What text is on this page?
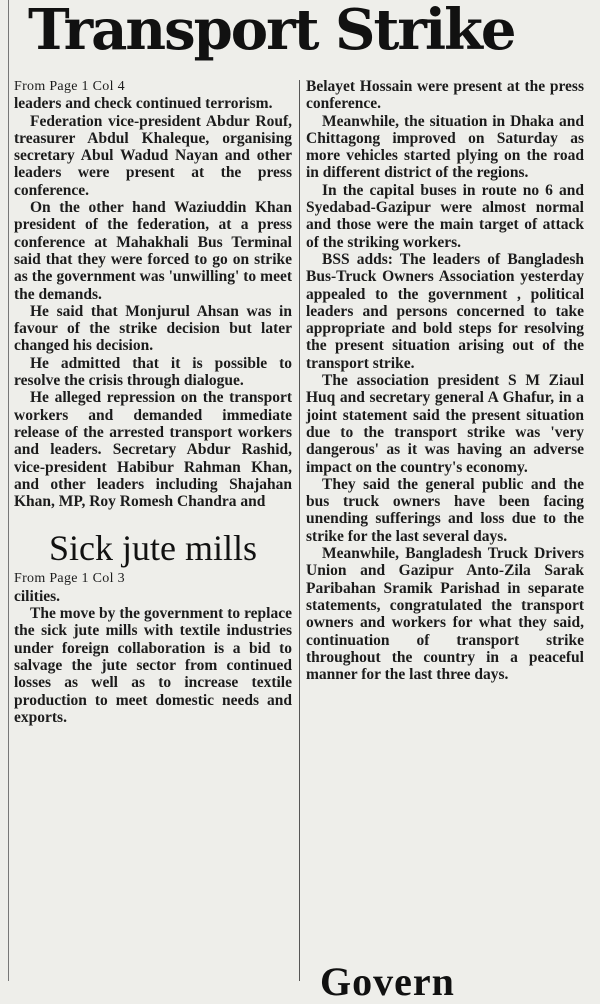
Transport Strike

From Page 1 Col 4

leaders and check continued terrorism.

Federation vice-president Abdur Rouf, treasurer Abdul Khaleque, organising secretary Abul Wadud Nayan and other leaders were present at the press conference.

On the other hand Waziuddin Khan president of the federation, at a press conference at Mahakhali Bus Terminal said that they were forced to go on strike as the government was 'unwilling' to meet the demands.

He said that Monjurul Ahsan was in favour of the strike decision but later changed his decision.

He admitted that it is possible to resolve the crisis through dialogue.

He alleged repression on the transport workers and demanded immediate release of the arrested transport workers and leaders. Secretary Abdur Rashid, vice-president Habibur Rahman Khan, and other leaders including Shajahan Khan, MP, Roy Romesh Chandra and

Sick jute mills

From Page 1 Col 3

cilities.

The move by the government to replace the sick jute mills with textile industries under foreign collaboration is a bid to salvage the jute sector from continued losses as well as to increase textile production to meet domestic needs and exports.

Belayet Hossain were present at the press conference.

Meanwhile, the situation in Dhaka and Chittagong improved on Saturday as more vehicles started plying on the road in different district of the regions.

In the capital buses in route no 6 and Syedabad-Gazipur were almost normal and those were the main target of attack of the striking workers.

BSS adds: The leaders of Bangladesh Bus-Truck Owners Association yesterday appealed to the government , political leaders and persons concerned to take appropriate and bold steps for resolving the present situation arising out of the transport strike.

The association president S M Ziaul Huq and secretary general A Ghafur, in a joint statement said the present situation due to the transport strike was 'very dangerous' as it was having an adverse impact on the country's economy.

They said the general public and the bus truck owners have been facing unending sufferings and loss due to the strike for the last several days.

Meanwhile, Bangladesh Truck Drivers Union and Gazipur Anto-Zila Sarak Paribahan Sramik Parishad in separate statements, congratulated the transport owners and workers for what they said, continuation of transport strike throughout the country in a peaceful manner for the last three days.

Govern
